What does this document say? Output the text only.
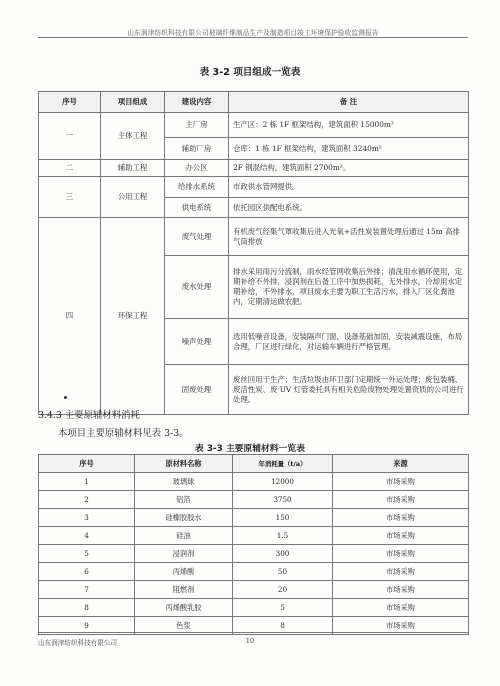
山东润津纺织科技有限公司玻璃纤维制品生产及制造项目竣工环境保护验收监测报告
表 3-2 项目组成一览表
序号	项目组成	建设内容	备 注
一	主体工程	主厂房	生产区：2 栋 1F 框架结构，建筑面积 15000m²
		辅助厂房	仓库：1 栋 1F 框架结构，建筑面积 3240m²
二	辅助工程	办公区	2F 钢混结构，建筑面积 2700m²。
三	公用工程	给排水系统	市政供水管网提供。
		供电系统	依托园区供配电系统。
四	环保工程	废气处理	有机废气经集气罩收集后进入光氧+活性炭装置处理后通过 15m 高排气筒排放
		废水处理	排水采用雨污分流制，雨水经管网收集后外排；清洗用水循环使用，定期补给不外排，浸润剂在后备工序中加热损耗，无外排水，冷却用水定期补给，不外排水，项目废水主要为职工生活污水，排入厂区化粪池内，定期清运做农肥。
		噪声处理	选用低噪音设备，安装隔声门窗，设备基础加固，安装减震设施，布局合理，厂区进行绿化，对运输车辆进行严格管理。
		固废处理	废丝回用于生产；生活垃圾由环卫部门定期统一外运处理；废包装桶、废活性炭、废 UV 灯管委托具有相关危险废物处理处置资质的公司进行处理。
3.4.3 主要原辅材料消耗
本项目主要原辅材料见表 3-3。
表 3-3 主要原辅材料一览表
序号	原材料名称	年消耗量（t/a）	来源
1	玻璃球	12000	市场采购
2	铝箔	3750	市场采购
3	硅橡胶胶水	150	市场采购
4	硅油	1.5	市场采购
5	浸润剂	300	市场采购
6	丙烯酸	50	市场采购
7	阻燃剂	20	市场采购
8	丙烯酸乳胶	5	市场采购
9	色浆	8	市场采购
山东润津纺织科技有限公司	10
